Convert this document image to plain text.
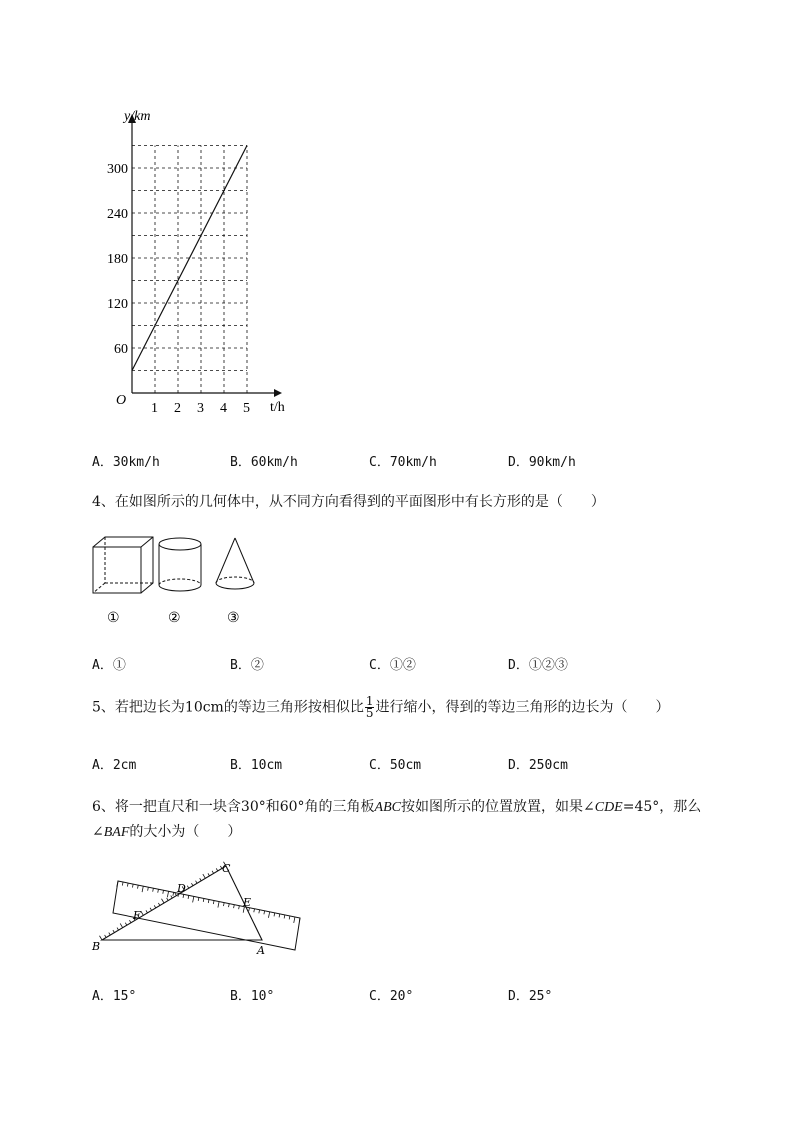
y/km
t/h
O
1 2 3 4 5
60
120
180
240
300
A．30km/h	B．60km/h	C．70km/h	D．90km/h
4、在如图所示的几何体中，从不同方向看得到的平面图形中有长方形的是（　　）
①	②	③
A．①	B．②	C．①②	D．①②③
5、若把边长为10cm的等边三角形按相似比 $\frac{1}{5}$ 进行缩小，得到的等边三角形的边长为（　　）
A．2cm	B．10cm	C．50cm	D．250cm
6、将一把直尺和一块含30°和60°角的三角板ABC按如图所示的位置放置，如果∠CDE=45°，那么
∠BAF的大小为（　　）
B	A
C
D
E
F
A．15°	B．10°	C．20°	D．25°
